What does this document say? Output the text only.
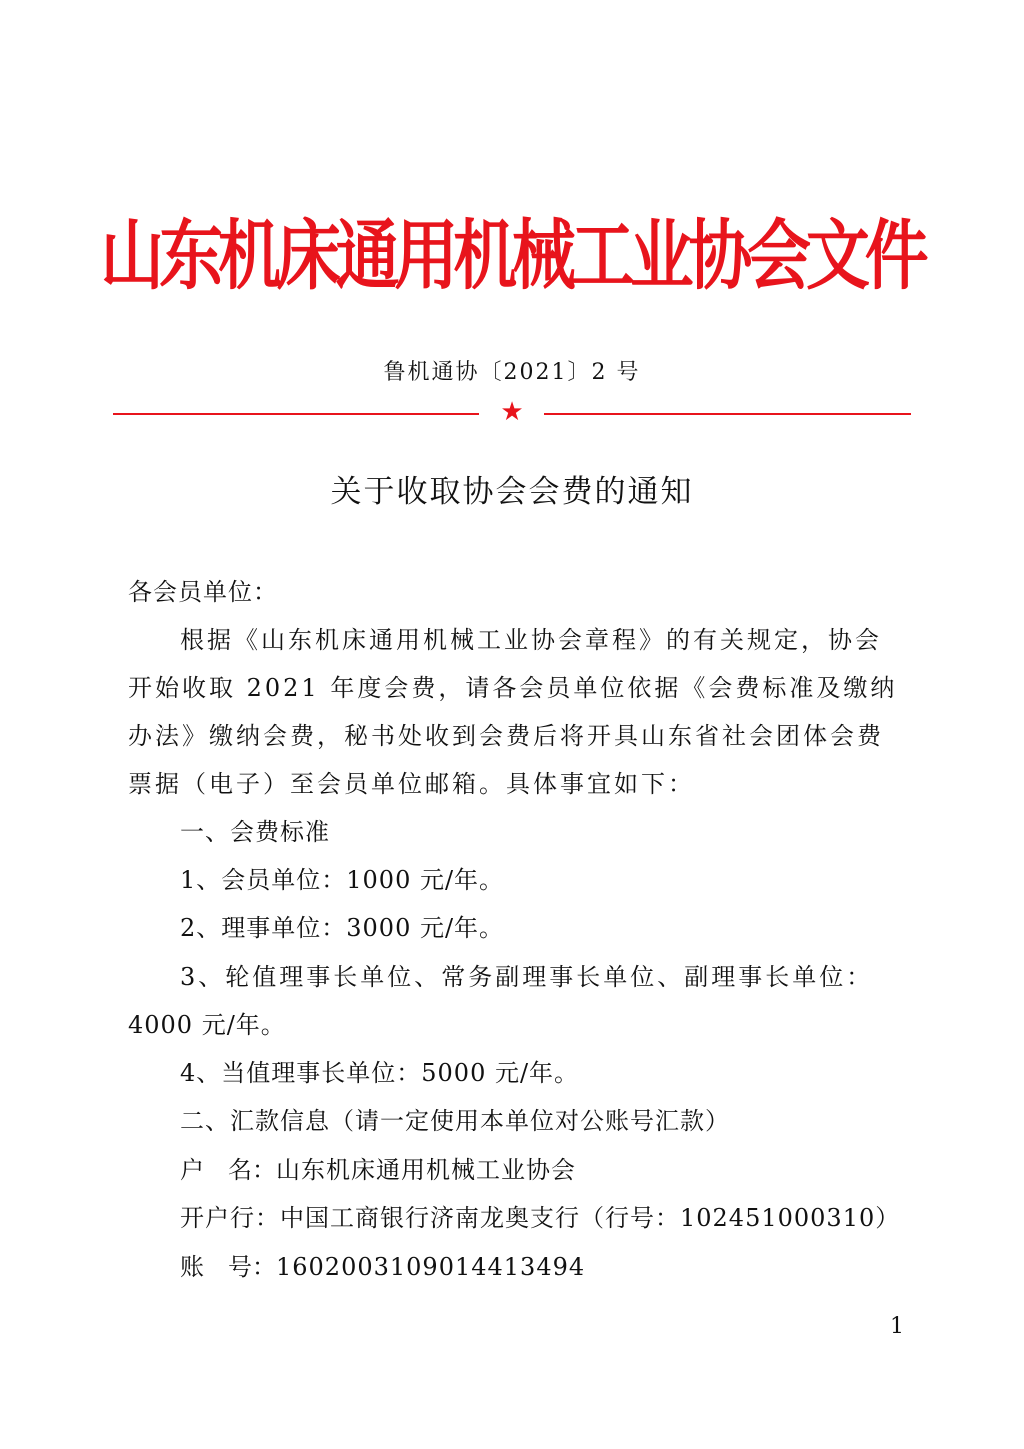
山东机床通用机械工业协会文件
鲁机通协〔2021〕2 号
★
关于收取协会会费的通知
各会员单位：
根据《山东机床通用机械工业协会章程》的有关规定，协会
开始收取 2021 年度会费，请各会员单位依据《会费标准及缴纳
办法》缴纳会费，秘书处收到会费后将开具山东省社会团体会费
票据（电子）至会员单位邮箱。具体事宜如下：
一、会费标准
1、会员单位：1000 元/年。
2、理事单位：3000 元/年。
3、轮值理事长单位、常务副理事长单位、副理事长单位：
4000 元/年。
4、当值理事长单位：5000 元/年。
二、汇款信息（请一定使用本单位对公账号汇款）
户　名：山东机床通用机械工业协会
开户行：中国工商银行济南龙奥支行（行号：102451000310）
账　号：1602003109014413494
1
